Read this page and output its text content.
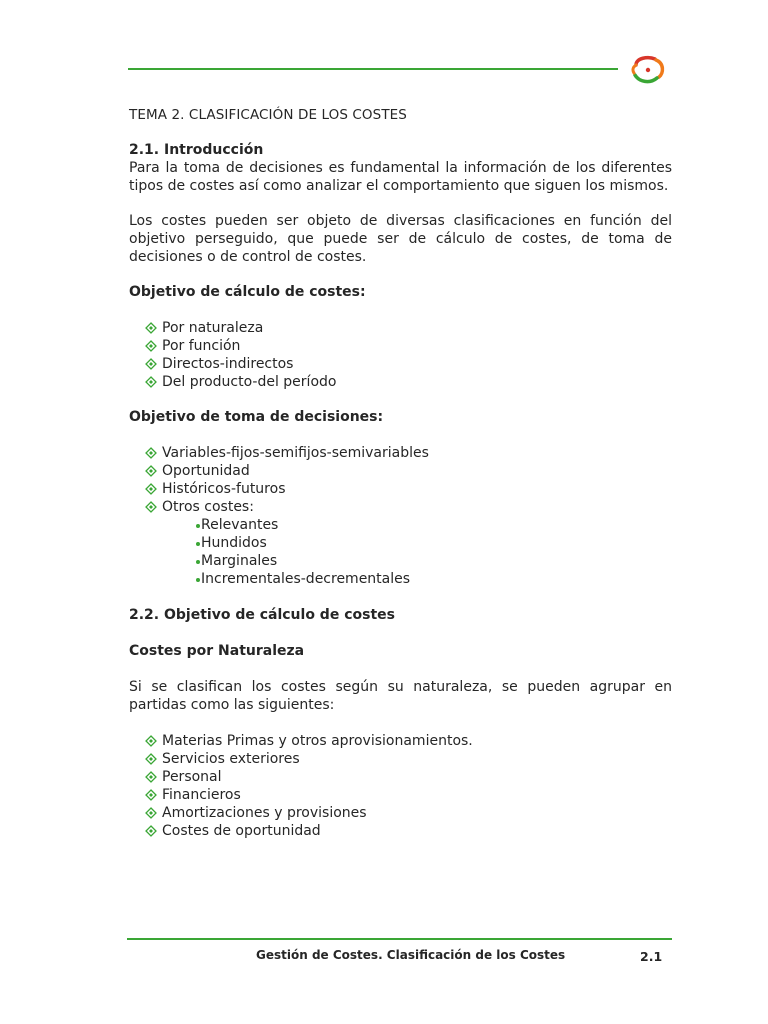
TEMA 2. CLASIFICACIÓN DE LOS COSTES
2.1. Introducción

Para la toma de decisiones es fundamental la información de los diferentes tipos de costes así como analizar el comportamiento que siguen los mismos.

Los costes pueden ser objeto de diversas clasificaciones en función del objetivo perseguido, que puede ser de cálculo de costes, de toma de decisiones o de control de costes.

Objetivo de cálculo de costes:
Por naturaleza
Por función
Directos-indirectos
Del producto-del período
Objetivo de toma de decisiones:
Variables-fijos-semifijos-semivariables
Oportunidad
Históricos-futuros
Otros costes:
Relevantes
Hundidos
Marginales
Incrementales-decrementales
2.2. Objetivo de cálculo de costes
Costes por Naturaleza

Si se clasifican los costes según su naturaleza, se pueden agrupar en partidas como las siguientes:

Materias Primas y otros aprovisionamientos.
Servicios exteriores
Personal
Financieros
Amortizaciones y provisiones
Costes de oportunidad
Gestión de Costes. Clasificación de los Costes	2.1
